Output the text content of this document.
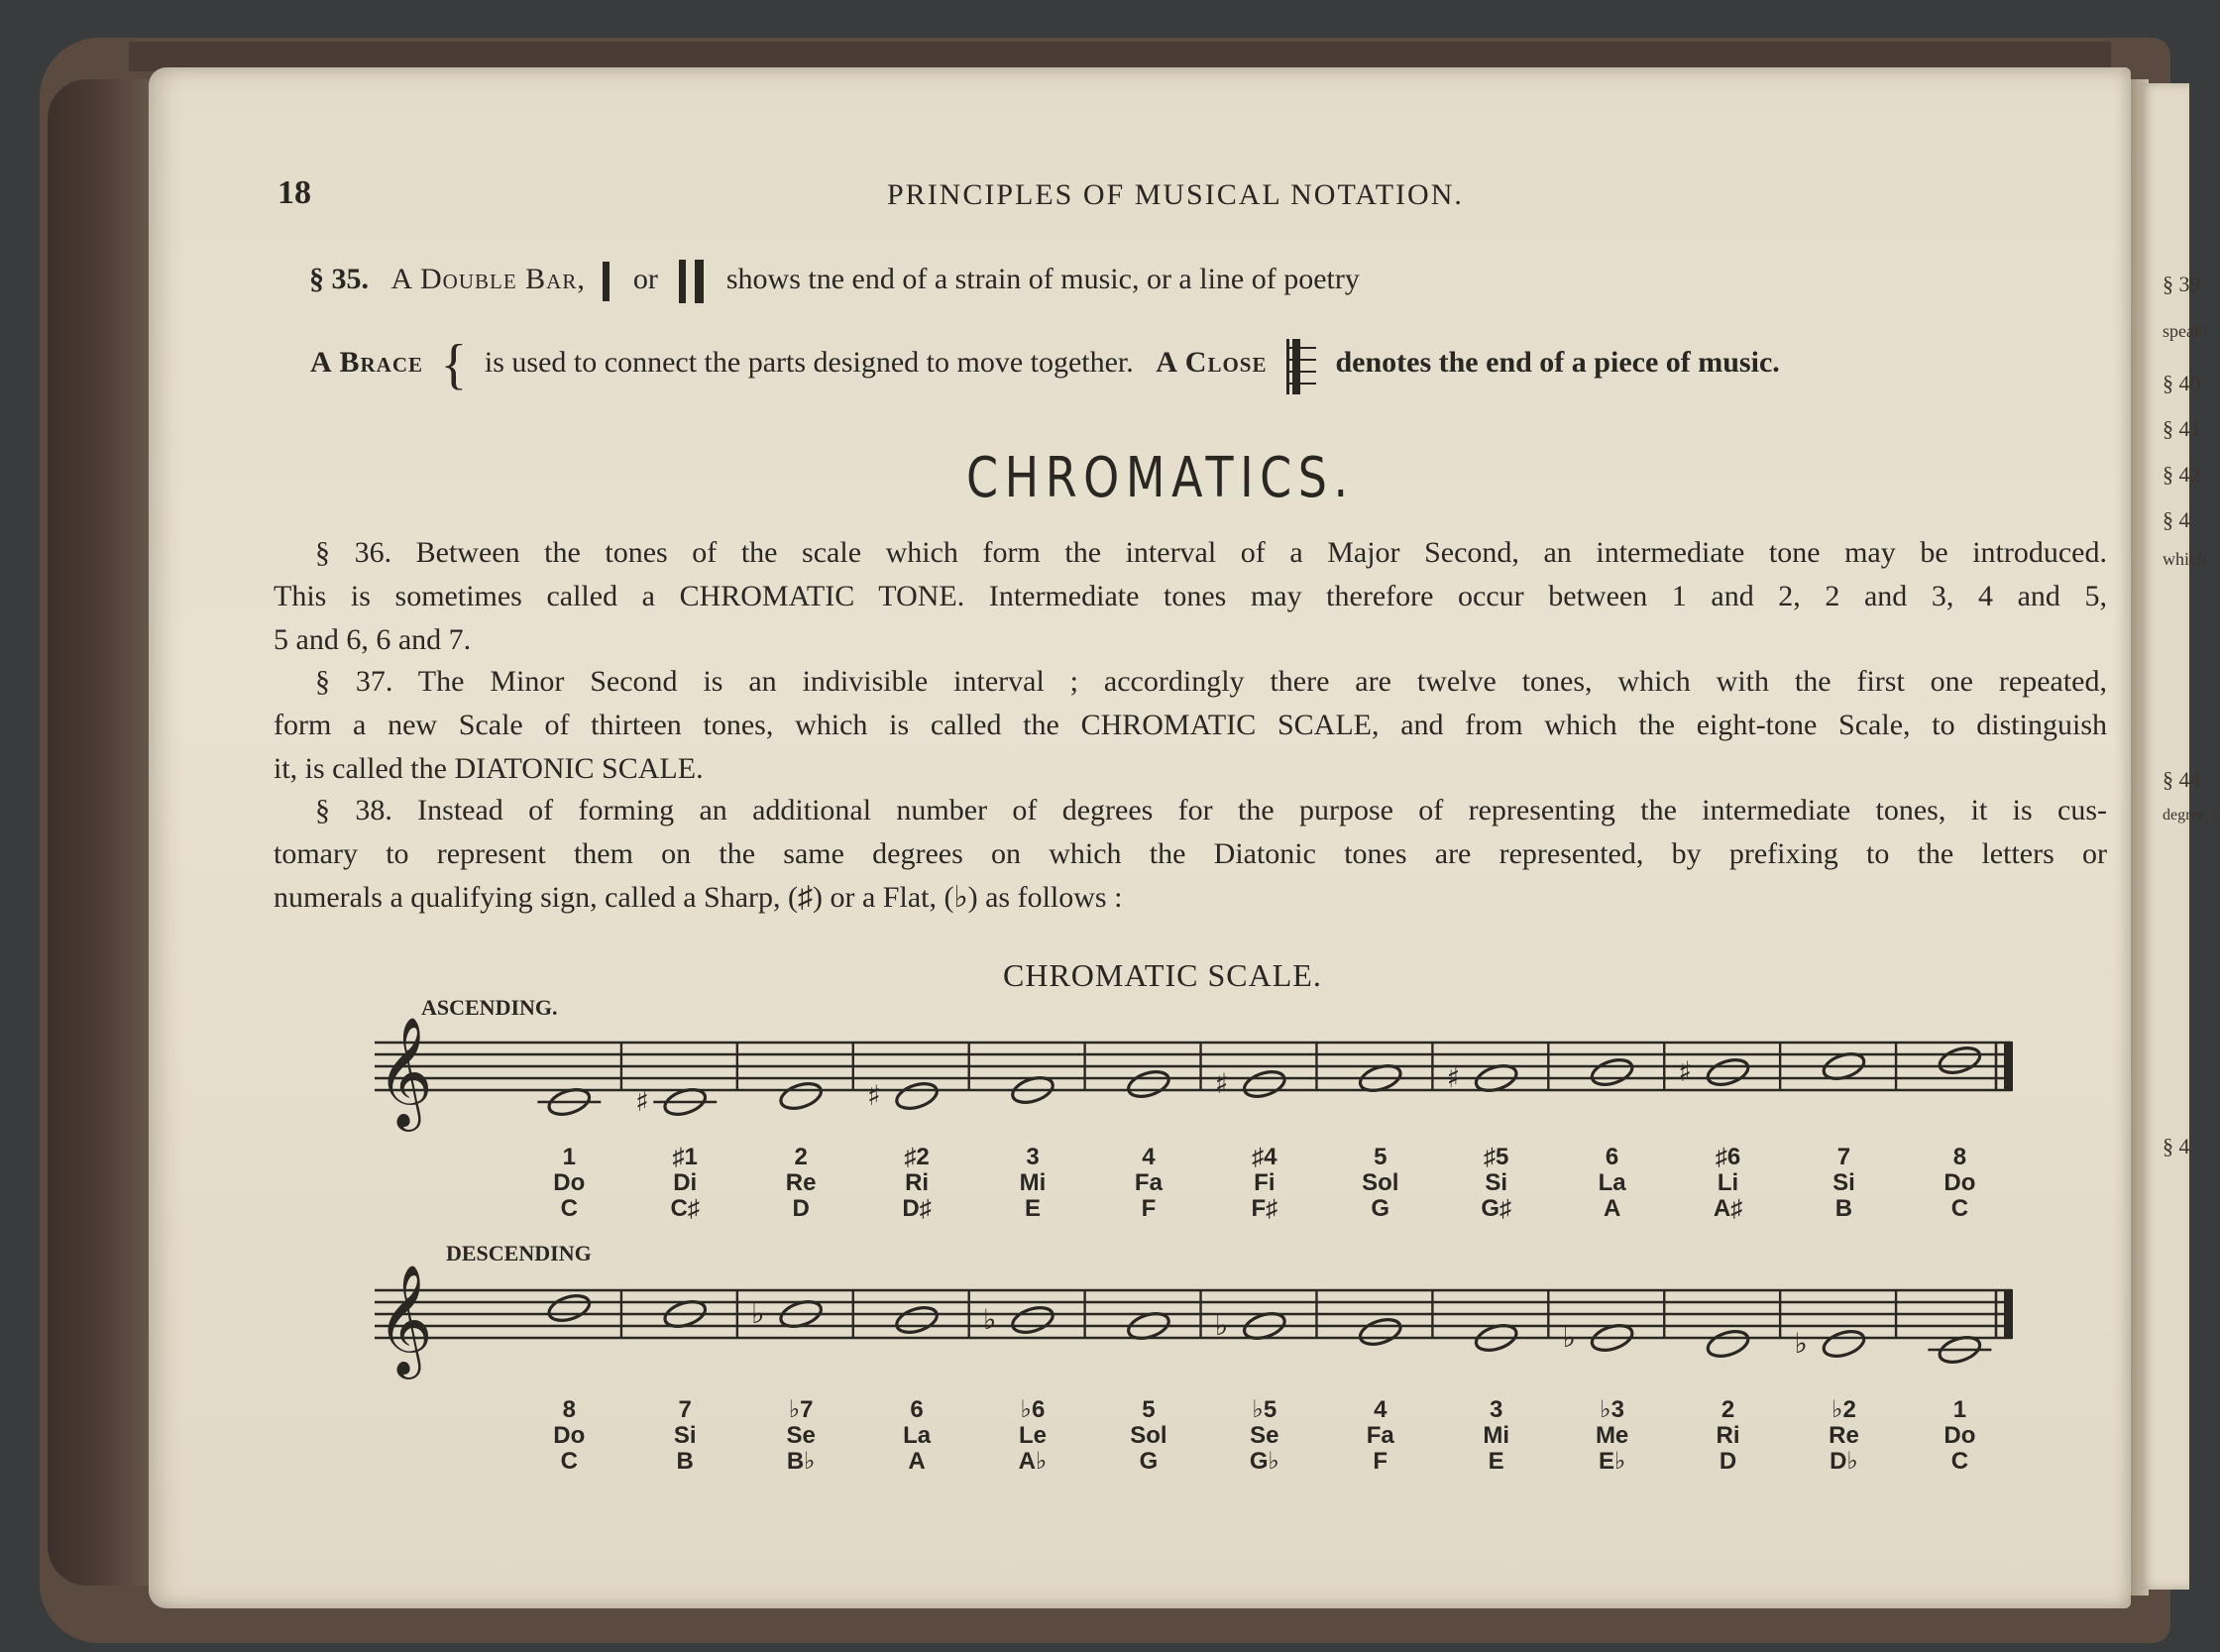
§ 39
speaki
§ 40
§ 41
§ 42
§ 4
which
§ 44
degree, e
§ 4
18	PRINCIPLES OF MUSICAL NOTATION.
§ 35. A Double Bar, or shows tne end of a strain of music, or a line of poetry
A Brace { is used to connect the parts designed to move together. A Close denotes the end of a piece of music.
CHROMATICS.
§ 36. Between the tones of the scale which form the interval of a Major Second, an intermediate tone may be introduced.
This is sometimes called a CHROMATIC TONE. Intermediate tones may therefore occur between 1 and 2, 2 and 3, 4 and 5,
5 and 6, 6 and 7.
§ 37. The Minor Second is an indivisible interval ; accordingly there are twelve tones, which with the first one repeated,
form a new Scale of thirteen tones, which is called the CHROMATIC SCALE, and from which the eight-tone Scale, to distinguish
it, is called the DIATONIC SCALE.
§ 38. Instead of forming an additional number of degrees for the purpose of representing the intermediate tones, it is cus-
tomary to represent them on the same degrees on which the Diatonic tones are represented, by prefixing to the letters or
numerals a qualifying sign, called a Sharp, (♯) or a Flat, (♭) as follows :
CHROMATIC SCALE.
ASCENDING.
DESCENDING
𝄞
1
Do
C
♯
♯1
Di
C♯
2
Re
D
♯
♯2
Ri
D♯
3
Mi
E
4
Fa
F
♯
♯4
Fi
F♯
5
Sol
G
♯
♯5
Si
G♯
6
La
A
♯
♯6
Li
A♯
7
Si
B
8
Do
C
𝄞
8
Do
C
7
Si
B
♭
♭7
Se
B♭
6
La
A
♭
♭6
Le
A♭
5
Sol
G
♭
♭5
Se
G♭
4
Fa
F
3
Mi
E
♭
♭3
Me
E♭
2
Ri
D
♭
♭2
Re
D♭
1
Do
C
